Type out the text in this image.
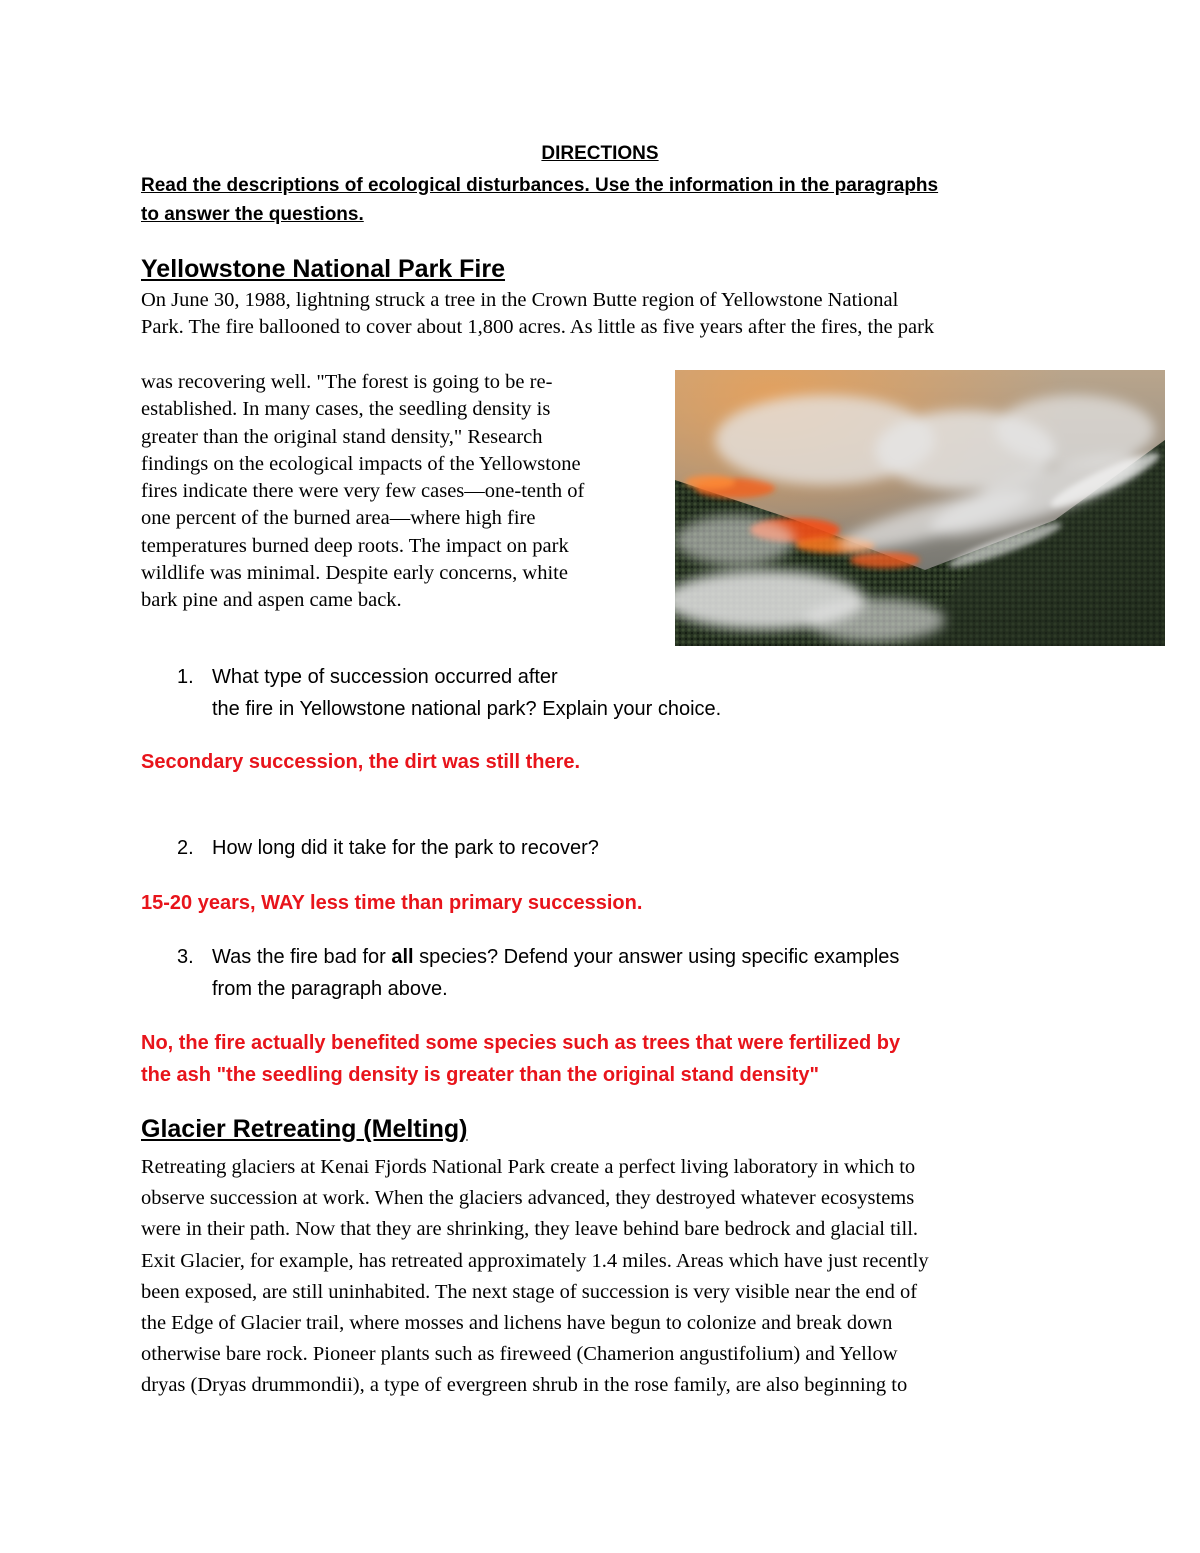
DIRECTIONS
Read the descriptions of ecological disturbances. Use the information in the paragraphs
to answer the questions.
Yellowstone National Park Fire
On June 30, 1988, lightning struck a tree in the Crown Butte region of Yellowstone National
Park. The fire ballooned to cover about 1,800 acres. As little as five years after the fires, the park
was recovering well. "The forest is going to be re-
established. In many cases, the seedling density is
greater than the original stand density," Research
findings on the ecological impacts of the Yellowstone
fires indicate there were very few cases—one-tenth of
one percent of the burned area—where high fire
temperatures burned deep roots. The impact on park
wildlife was minimal. Despite early concerns, white
bark pine and aspen came back.
1. What type of succession occurred after
the fire in Yellowstone national park? Explain your choice.
Secondary succession, the dirt was still there.
2. How long did it take for the park to recover?
15-20 years, WAY less time than primary succession.
3. Was the fire bad for all species? Defend your answer using specific examples
from the paragraph above.
No, the fire actually benefited some species such as trees that were fertilized by
the ash "the seedling density is greater than the original stand density"
Glacier Retreating (Melting)
Retreating glaciers at Kenai Fjords National Park create a perfect living laboratory in which to
observe succession at work. When the glaciers advanced, they destroyed whatever ecosystems
were in their path. Now that they are shrinking, they leave behind bare bedrock and glacial till.
Exit Glacier, for example, has retreated approximately 1.4 miles. Areas which have just recently
been exposed, are still uninhabited. The next stage of succession is very visible near the end of
the Edge of Glacier trail, where mosses and lichens have begun to colonize and break down
otherwise bare rock. Pioneer plants such as fireweed (Chamerion angustifolium) and Yellow
dryas (Dryas drummondii), a type of evergreen shrub in the rose family, are also beginning to
